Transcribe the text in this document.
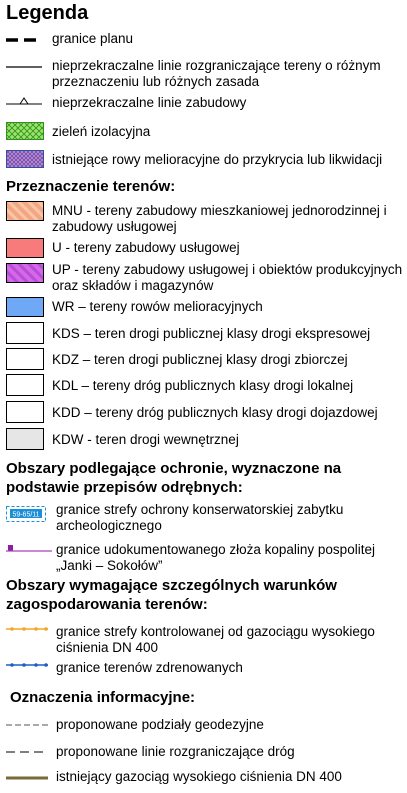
Legenda
granice planu
nieprzekraczalne linie rozgraniczające tereny o różnym przeznaczeniu lub różnych zasada
nieprzekraczalne linie zabudowy
zieleń izolacyjna
istniejące rowy melioracyjne do przykrycia lub likwidacji
Przeznaczenie terenów:
MNU - tereny zabudowy mieszkaniowej jednorodzinnej i zabudowy usługowej
U - tereny zabudowy usługowej
UP - tereny zabudowy usługowej i obiektów produkcyjnych oraz składów i magazynów
WR – tereny rowów melioracyjnych
KDS – teren drogi publicznej klasy drogi ekspresowej
KDZ – teren drogi publicznej klasy drogi zbiorczej
KDL – tereny dróg publicznych klasy drogi lokalnej
KDD – tereny dróg publicznych klasy drogi dojazdowej
KDW - teren drogi wewnętrznej
Obszary podlegające ochronie, wyznaczone na podstawie przepisów odrębnych:
59-65/11 granice strefy ochrony konserwatorskiej zabytku archeologicznego
granice udokumentowanego złoża kopaliny pospolitej „Janki – Sokołów”
Obszary wymagające szczególnych warunków zagospodarowania terenów:
granice strefy kontrolowanej od gazociągu wysokiego ciśnienia DN 400
granice terenów zdrenowanych
Oznaczenia informacyjne:
proponowane podziały geodezyjne
proponowane linie rozgraniczające dróg
istniejący gazociąg wysokiego ciśnienia DN 400
